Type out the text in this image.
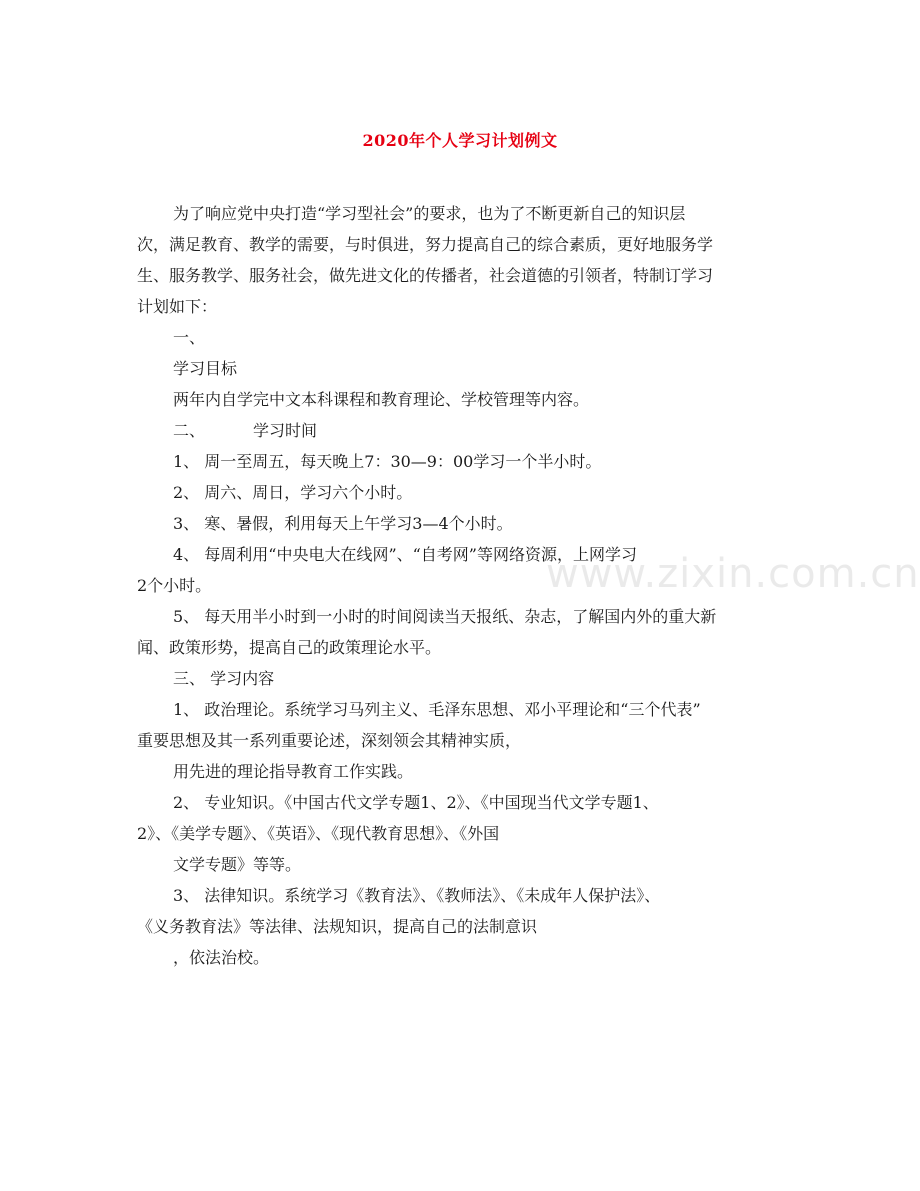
2020年个人学习计划例文
为了响应党中央打造“学习型社会”的要求，也为了不断更新自己的知识层
次，满足教育、教学的需要，与时俱进，努力提高自己的综合素质，更好地服务学
生、服务教学、服务社会，做先进文化的传播者，社会道德的引领者，特制订学习
计划如下：
一、
学习目标
两年内自学完中文本科课程和教育理论、学校管理等内容。
二、	学习时间
1、 周一至周五，每天晚上7：30—9：00学习一个半小时。
2、 周六、周日，学习六个小时。
3、 寒、暑假，利用每天上午学习3—4个小时。
4、 每周利用“中央电大在线网”、“自考网”等网络资源，上网学习
2个小时。
5、 每天用半小时到一小时的时间阅读当天报纸、杂志，了解国内外的重大新
闻、政策形势，提高自己的政策理论水平。
三、 学习内容
1、 政治理论。系统学习马列主义、毛泽东思想、邓小平理论和“三个代表”
重要思想及其一系列重要论述，深刻领会其精神实质，
用先进的理论指导教育工作实践。
2、 专业知识。《中国古代文学专题1、2》、《中国现当代文学专题1、
2》、《美学专题》、《英语》、《现代教育思想》、《外国
文学专题》等等。
3、 法律知识。系统学习《教育法》、《教师法》、《未成年人保护法》、
《义务教育法》等法律、法规知识，提高自己的法制意识
，依法治校。
www.zixin.com.cn
